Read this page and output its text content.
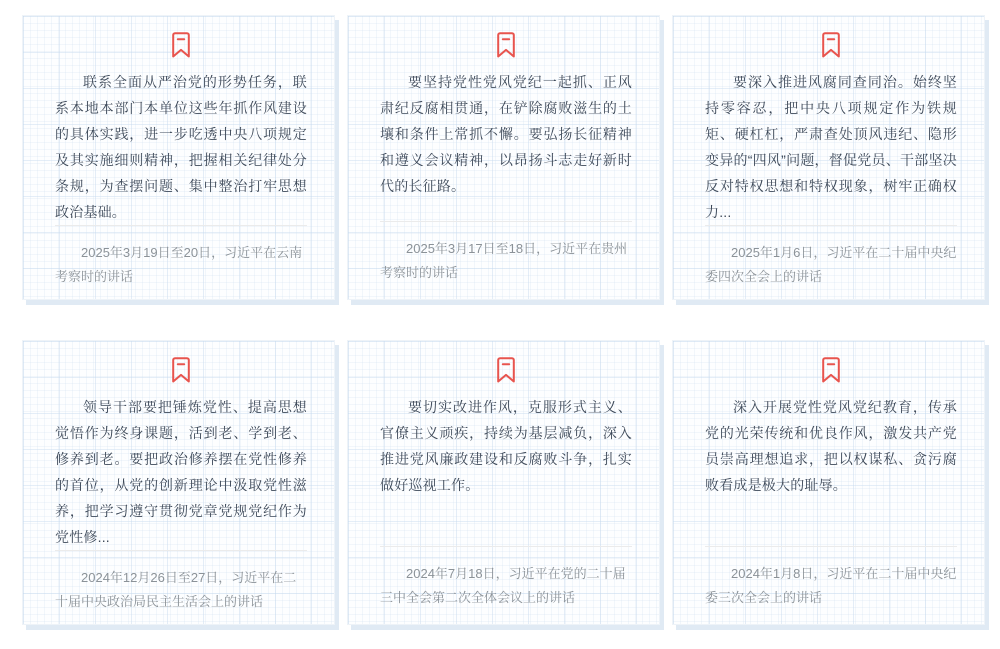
联系全面从严治党的形势任务，联系本地本部门本单位这些年抓作风建设的具体实践，进一步吃透中央八项规定及其实施细则精神，把握相关纪律处分条规，为查摆问题、集中整治打牢思想政治基础。

2025年3月19日至20日，习近平在云南考察时的讲话

要坚持党性党风党纪一起抓、正风肃纪反腐相贯通，在铲除腐败滋生的土壤和条件上常抓不懈。要弘扬长征精神和遵义会议精神，以昂扬斗志走好新时代的长征路。

2025年3月17日至18日，习近平在贵州考察时的讲话

要深入推进风腐同查同治。始终坚持零容忍，把中央八项规定作为铁规矩、硬杠杠，严肃查处顶风违纪、隐形变异的“四风”问题，督促党员、干部坚决反对特权思想和特权现象，树牢正确权力...

2025年1月6日，习近平在二十届中央纪委四次全会上的讲话

领导干部要把锤炼党性、提高思想觉悟作为终身课题，活到老、学到老、修养到老。要把政治修养摆在党性修养的首位，从党的创新理论中汲取党性滋养，把学习遵守贯彻党章党规党纪作为党性修...

2024年12月26日至27日，习近平在二十届中央政治局民主生活会上的讲话

要切实改进作风，克服形式主义、官僚主义顽疾，持续为基层减负，深入推进党风廉政建设和反腐败斗争，扎实做好巡视工作。

2024年7月18日，习近平在党的二十届三中全会第二次全体会议上的讲话

深入开展党性党风党纪教育，传承党的光荣传统和优良作风，激发共产党员崇高理想追求，把以权谋私、贪污腐败看成是极大的耻辱。

2024年1月8日，习近平在二十届中央纪委三次全会上的讲话
